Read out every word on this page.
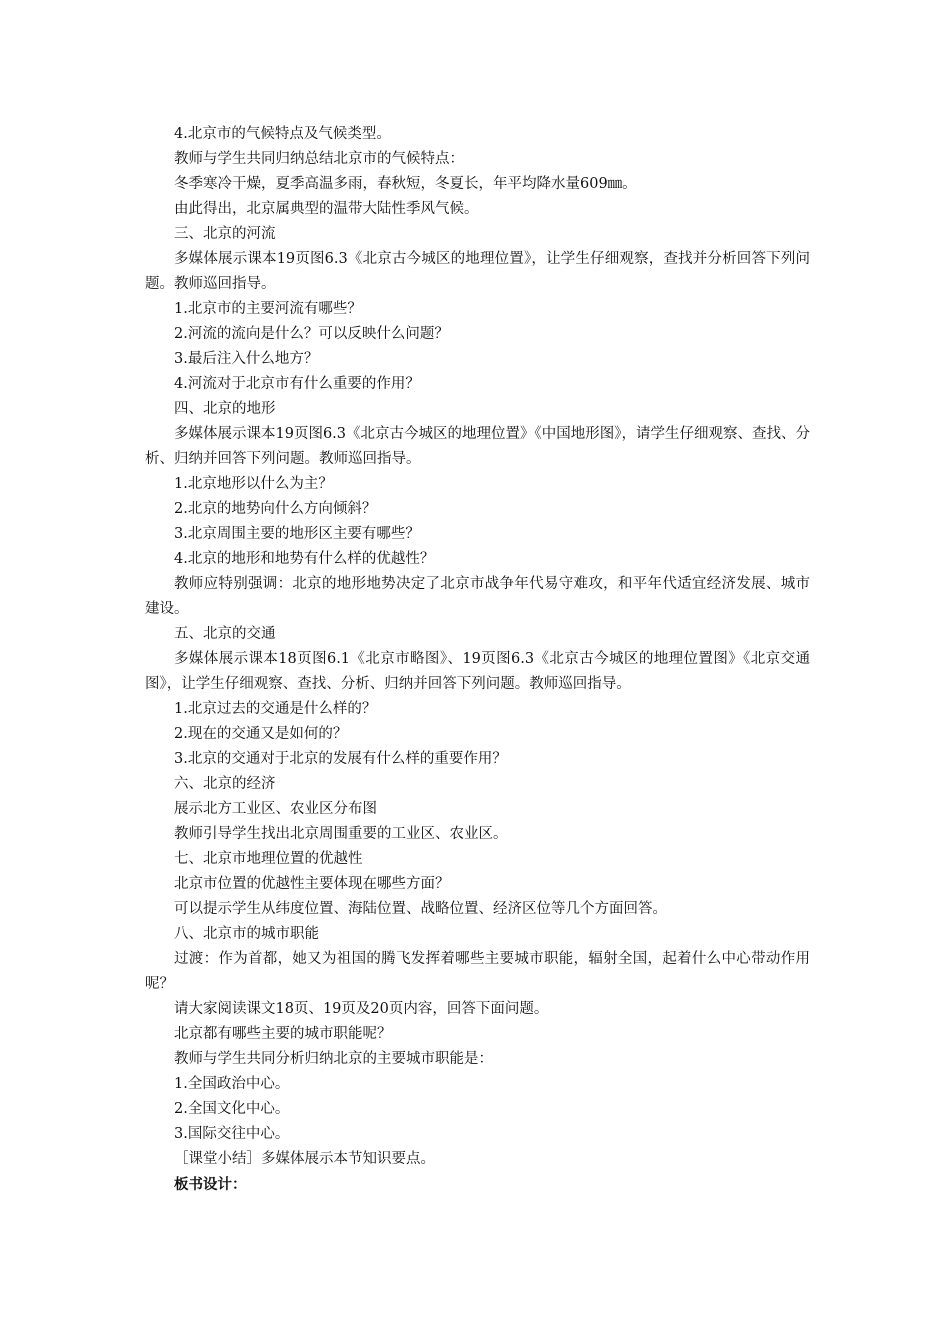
4.北京市的气候特点及气候类型。

教师与学生共同归纳总结北京市的气候特点：

冬季寒冷干燥，夏季高温多雨，春秋短，冬夏长，年平均降水量609㎜。

由此得出，北京属典型的温带大陆性季风气候。

三、北京的河流

多媒体展示课本19页图6.3《北京古今城区的地理位置》，让学生仔细观察，查找并分析回答下列问题。教师巡回指导。

1.北京市的主要河流有哪些？

2.河流的流向是什么？可以反映什么问题？

3.最后注入什么地方？

4.河流对于北京市有什么重要的作用？

四、北京的地形

多媒体展示课本19页图6.3《北京古今城区的地理位置》《中国地形图》，请学生仔细观察、查找、分析、归纳并回答下列问题。教师巡回指导。

1.北京地形以什么为主？

2.北京的地势向什么方向倾斜？

3.北京周围主要的地形区主要有哪些？

4.北京的地形和地势有什么样的优越性？

教师应特别强调：北京的地形地势决定了北京市战争年代易守难攻，和平年代适宜经济发展、城市建设。

五、北京的交通

多媒体展示课本18页图6.1《北京市略图》、19页图6.3《北京古今城区的地理位置图》《北京交通图》，让学生仔细观察、查找、分析、归纳并回答下列问题。教师巡回指导。

1.北京过去的交通是什么样的？

2.现在的交通又是如何的？

3.北京的交通对于北京的发展有什么样的重要作用？

六、北京的经济

展示北方工业区、农业区分布图

教师引导学生找出北京周围重要的工业区、农业区。

七、北京市地理位置的优越性

北京市位置的优越性主要体现在哪些方面？

可以提示学生从纬度位置、海陆位置、战略位置、经济区位等几个方面回答。

八、北京市的城市职能

过渡：作为首都，她又为祖国的腾飞发挥着哪些主要城市职能，辐射全国，起着什么中心带动作用呢？

请大家阅读课文18页、19页及20页内容，回答下面问题。

北京都有哪些主要的城市职能呢？

教师与学生共同分析归纳北京的主要城市职能是：

1.全国政治中心。

2.全国文化中心。

3.国际交往中心。

［课堂小结］多媒体展示本节知识要点。

板书设计：
